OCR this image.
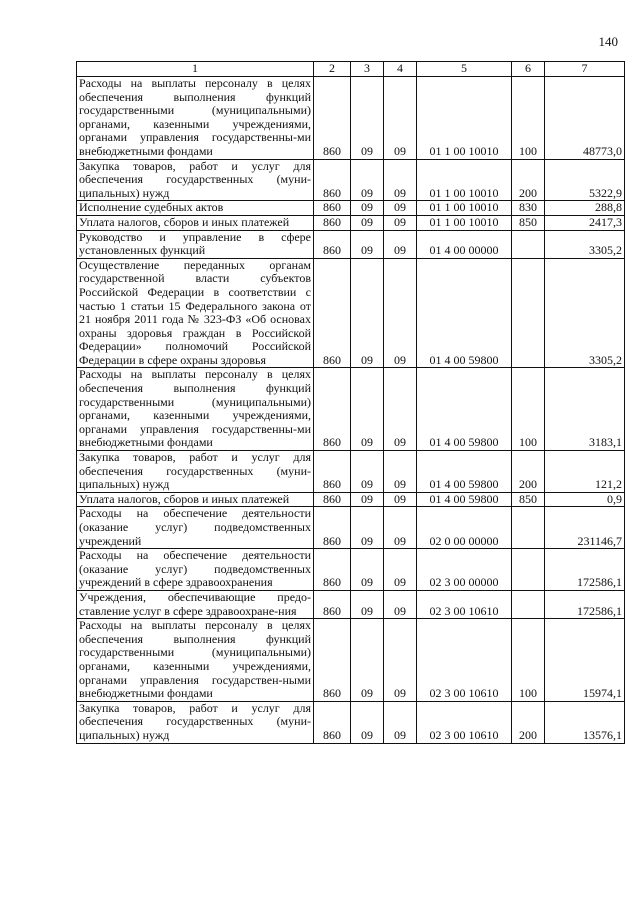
140
1	2	3	4	5	6	7
Расходы на выплаты персоналу в целях обеспечения выполнения функций государственными (муниципальными) органами, казенными учреждениями, органами управления государственны-ми внебюджетными фондами	860	09	09	01 1 00 10010	100	48773,0
Закупка товаров, работ и услуг для обеспечения государственных (муни-ципальных) нужд	860	09	09	01 1 00 10010	200	5322,9
Исполнение судебных актов	860	09	09	01 1 00 10010	830	288,8
Уплата налогов, сборов и иных платежей	860	09	09	01 1 00 10010	850	2417,3
Руководство и управление в сфере установленных функций	860	09	09	01 4 00 00000		3305,2
Осуществление переданных органам государственной власти субъектов Российской Федерации в соответствии с частью 1 статьи 15 Федерального закона от 21 ноября 2011 года № 323-ФЗ «Об основах охраны здоровья граждан в Российской Федерации» полномочий Российской Федерации в сфере охраны здоровья	860	09	09	01 4 00 59800		3305,2
Расходы на выплаты персоналу в целях обеспечения выполнения функций государственными (муниципальными) органами, казенными учреждениями, органами управления государственны-ми внебюджетными фондами	860	09	09	01 4 00 59800	100	3183,1
Закупка товаров, работ и услуг для обеспечения государственных (муни-ципальных) нужд	860	09	09	01 4 00 59800	200	121,2
Уплата налогов, сборов и иных платежей	860	09	09	01 4 00 59800	850	0,9
Расходы на обеспечение деятельности (оказание услуг) подведомственных учреждений	860	09	09	02 0 00 00000		231146,7
Расходы на обеспечение деятельности (оказание услуг) подведомственных учреждений в сфере здравоохранения	860	09	09	02 3 00 00000		172586,1
Учреждения, обеспечивающие предо-ставление услуг в сфере здравоохране-ния	860	09	09	02 3 00 10610		172586,1
Расходы на выплаты персоналу в целях обеспечения выполнения функций государственными (муниципальными) органами, казенными учреждениями, органами управления государствен-ными внебюджетными фондами	860	09	09	02 3 00 10610	100	15974,1
Закупка товаров, работ и услуг для обеспечения государственных (муни-ципальных) нужд	860	09	09	02 3 00 10610	200	13576,1
